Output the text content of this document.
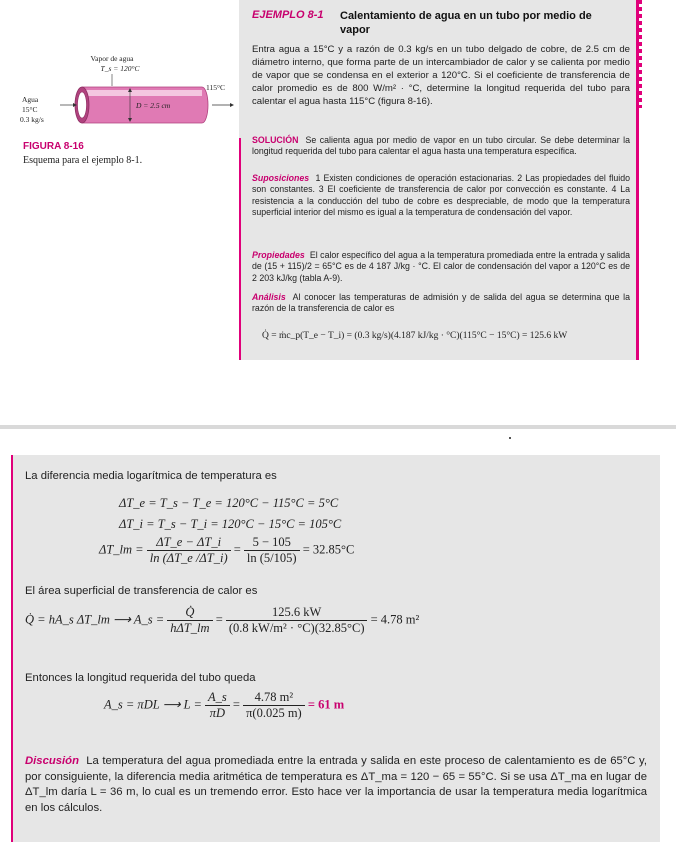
EJEMPLO 8-1 Calentamiento de agua en un tubo por medio de vapor
Entra agua a 15°C y a razón de 0.3 kg/s en un tubo delgado de cobre, de 2.5 cm de diámetro interno, que forma parte de un intercambiador de calor y se calienta por medio de vapor que se condensa en el exterior a 120°C. Si el coeficiente de transferencia de calor promedio es de 800 W/m² · °C, determine la longitud requerida del tubo para calentar el agua hasta 115°C (figura 8-16).
Vapor de agua
T_s = 120°C
D = 2.5 cm
Agua
15°C
0.3 kg/s
115°C
FIGURA 8-16
Esquema para el ejemplo 8-1.
SOLUCIÓN Se calienta agua por medio de vapor en un tubo circular. Se debe determinar la longitud requerida del tubo para calentar el agua hasta una temperatura específica.
Suposiciones 1 Existen condiciones de operación estacionarias. 2 Las propiedades del fluido son constantes. 3 El coeficiente de transferencia de calor por convección es constante. 4 La resistencia a la conducción del tubo de cobre es despreciable, de modo que la temperatura superficial interior del mismo es igual a la temperatura de condensación del vapor.
Propiedades El calor específico del agua a la temperatura promediada entre la entrada y salida de (15 + 115)/2 = 65°C es de 4 187 J/kg · °C. El calor de condensación del vapor a 120°C es de 2 203 kJ/kg (tabla A-9).
Análisis Al conocer las temperaturas de admisión y de salida del agua se determina que la razón de la transferencia de calor es
Q̇ = ṁc_p(T_e − T_i) = (0.3 kg/s)(4.187 kJ/kg · °C)(115°C − 15°C) = 125.6 kW
La diferencia media logarítmica de temperatura es
ΔT_e = T_s − T_e = 120°C − 115°C = 5°C
ΔT_i = T_s − T_i = 120°C − 15°C = 105°C
ΔT_lm = $\frac{\Delta T\_e - \Delta T\_i}{\ln (\Delta T\_e /\Delta T\_i)} = \frac{5 - 105}{\ln (5/105)} = 32.85^\circ C$
El área superficial de transferencia de calor es
Q̇ = hA_s ΔT_lm ⟶ A_s = $\frac{Q̇}{\text{hΔT\_lm}} = \frac{125.6 kW}{\text{(0.8 kW/m² · °C)(32.85°C)}} = 4.78$ m²
Entonces la longitud requerida del tubo queda
A_s = πDL ⟶ $L = \frac{A\_s}{\pi D} = \frac{\text{4.78 m²}}{\pi(0.025 m)} = 61$ m
Discusión La temperatura del agua promediada entre la entrada y salida en este proceso de calentamiento es de 65°C y, por consiguiente, la diferencia media aritmética de temperatura es ΔT_ma = 120 − 65 = 55°C. Si se usa ΔT_ma en lugar de ΔT_lm daría L = 36 m, lo cual es un tremendo error. Esto hace ver la importancia de usar la temperatura media logarítmica en los cálculos.
